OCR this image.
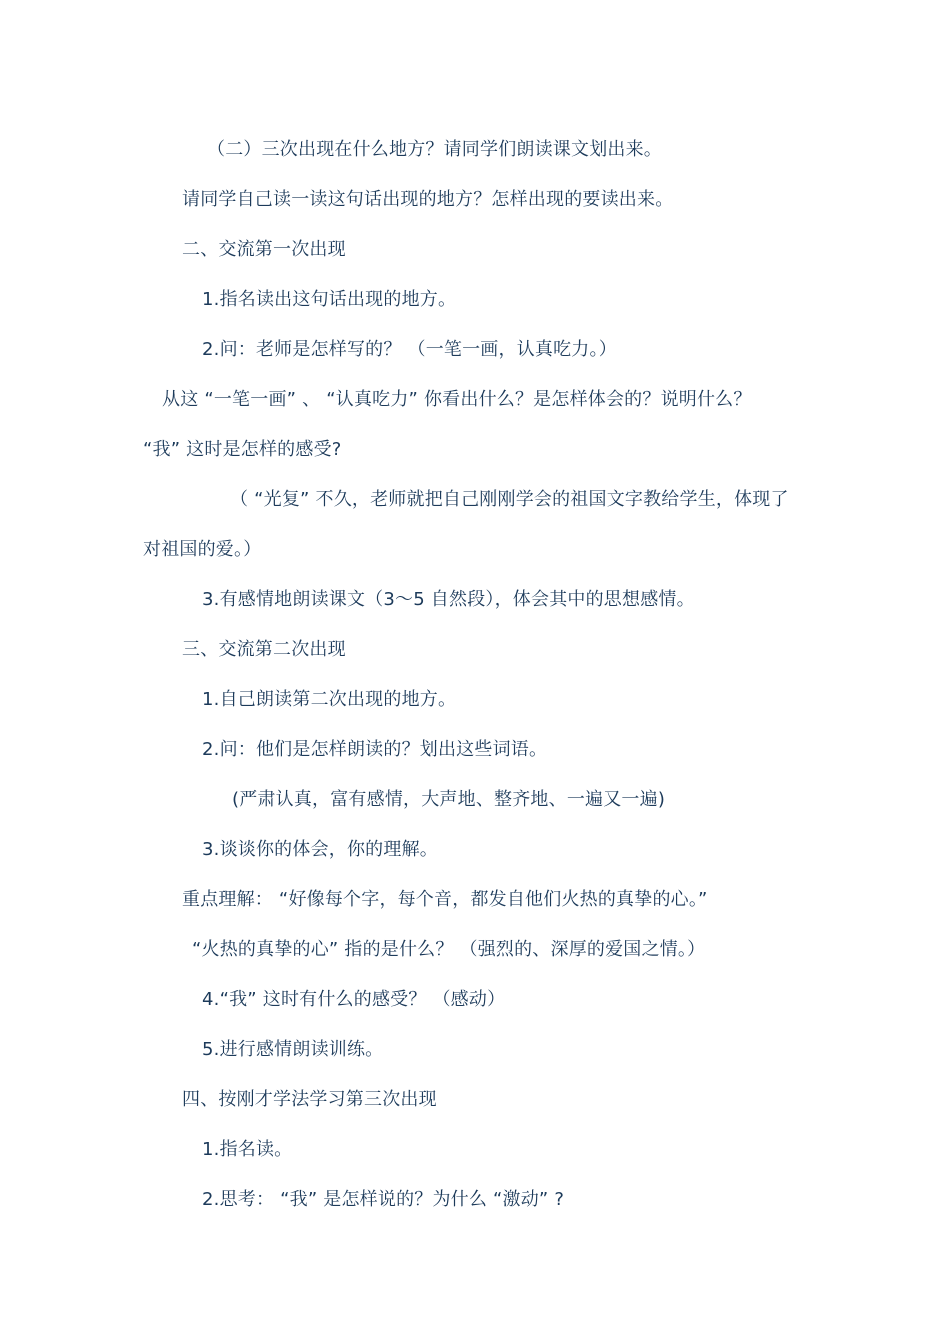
（二）三次出现在什么地方？请同学们朗读课文划出来。
请同学自己读一读这句话出现的地方？怎样出现的要读出来。
二、交流第一次出现
1.指名读出这句话出现的地方。
2.问：老师是怎样写的？ （一笔一画，认真吃力。）
从这 “一笔一画” 、 “认真吃力” 你看出什么？是怎样体会的？说明什么？
“我” 这时是怎样的感受?
（ “光复” 不久，老师就把自己刚刚学会的祖国文字教给学生，体现了
对祖国的爱。）
3.有感情地朗读课文（3～5 自然段），体会其中的思想感情。
三、交流第二次出现
1.自己朗读第二次出现的地方。
2.问：他们是怎样朗读的？划出这些词语。
(严肃认真，富有感情，大声地、整齐地、一遍又一遍)
3.谈谈你的体会，你的理解。
重点理解： “好像每个字，每个音，都发自他们火热的真挚的心。”
“火热的真挚的心” 指的是什么？ （强烈的、深厚的爱国之情。）
4.“我” 这时有什么的感受？ （感动）
5.进行感情朗读训练。
四、按刚才学法学习第三次出现
1.指名读。
2.思考： “我” 是怎样说的？为什么 “激动” ?
